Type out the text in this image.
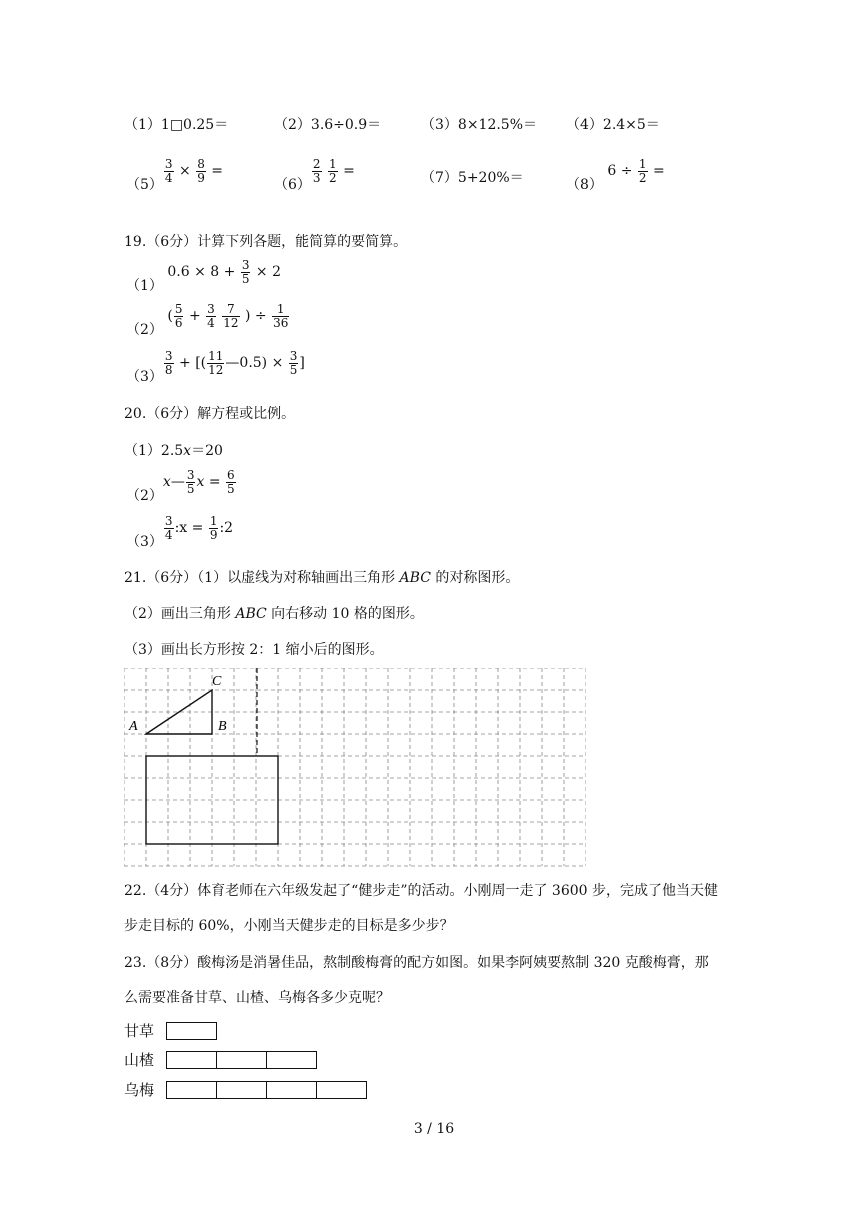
（1）1□0.25＝	（2）3.6÷0.9＝	（3）8×12.5%＝ （4）2.4×5＝
（5）
$\frac{3}{4} \times \frac{8}{9}$ =
（6）
$\frac{2}{3}$
$\frac{1}{2}$ =	（7）5+20%＝	（8） $6 \div \frac{1}{2}$ =
19.（6分）计算下列各题，能简算的要简算。
（1） $0.6 \times 8 + \frac{3}{5} \times 2$
（2） ( $\frac{5}{6} + \frac{3}{4}$
$\frac{7}{12}$ ) ÷ $\frac{1}{36}$
（3）
$\frac{3}{8}$ + [( $\frac{11}{12}$ —0.5) × $\frac{3}{5}$ ]
20.（6分）解方程或比例。
（1）2.5x＝20
（2）x— $\frac{3}{5}$ $x = \frac{6}{5}$
（3）
$\frac{3}{4}$ :x = $\frac{1}{9}$ :2
21.（6分）（1）以虚线为对称轴画出三角形 ABC 的对称图形。
（2）画出三角形 ABC 向右移动 10 格的图形。
（3）画出长方形按 2：1 缩小后的图形。
C
A	B
22.（4分）体育老师在六年级发起了“健步走”的活动。小刚周一走了 3600 步，完成了他当天健
步走目标的 60%，小刚当天健步走的目标是多少步？
23.（8分）酸梅汤是消暑佳品，熬制酸梅膏的配方如图。如果李阿姨要熬制 320 克酸梅膏，那
么需要准备甘草、山楂、乌梅各多少克呢？
甘草
山楂
乌梅
3 / 16
